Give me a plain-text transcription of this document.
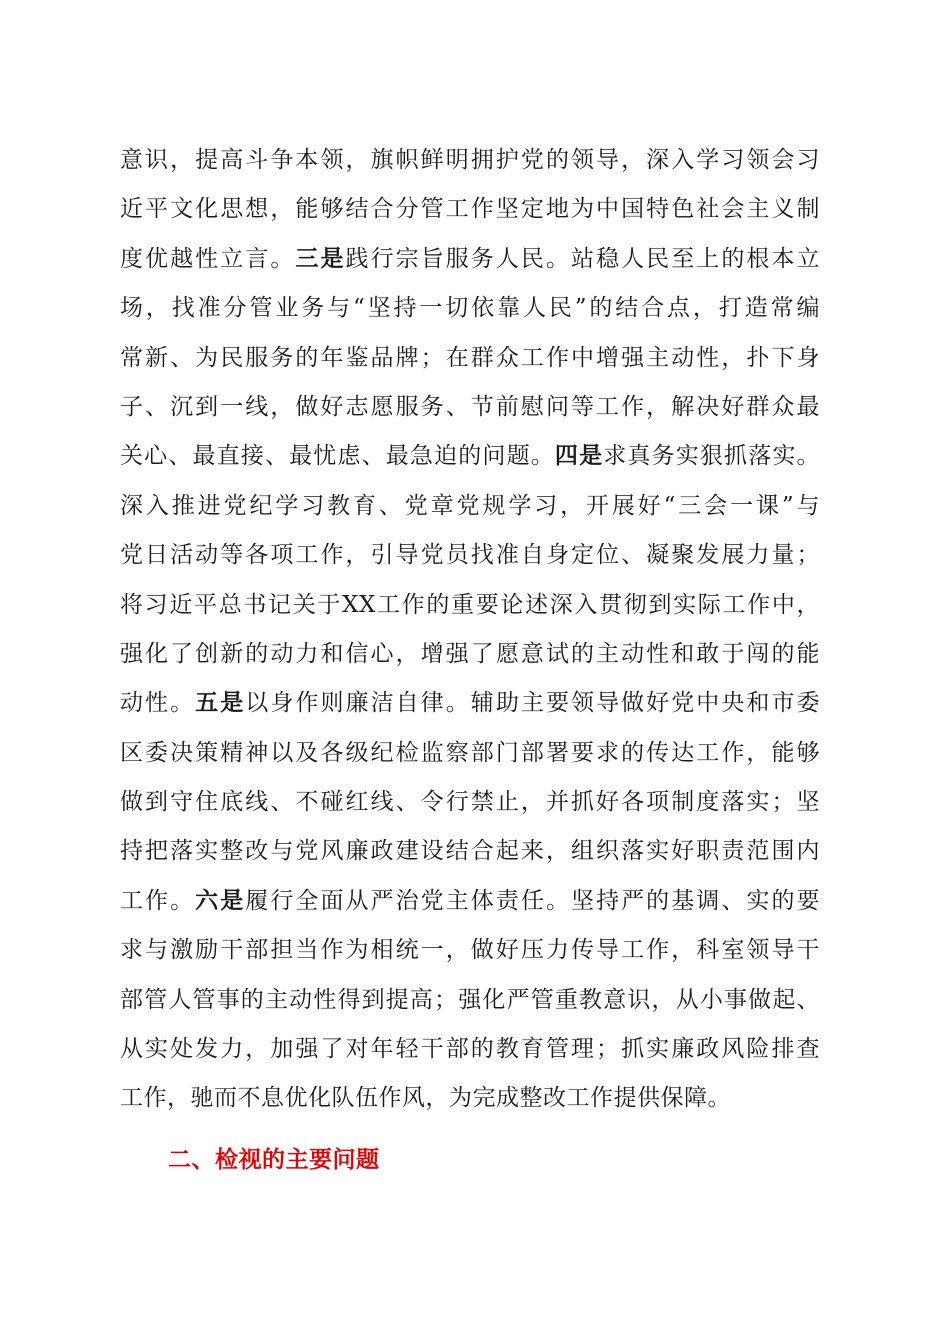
意识，提高斗争本领，旗帜鲜明拥护党的领导，深入学习领会习
近平文化思想，能够结合分管工作坚定地为中国特色社会主义制
度优越性立言。三是践行宗旨服务人民。站稳人民至上的根本立
场，找准分管业务与“坚持一切依靠人民”的结合点，打造常编
常新、为民服务的年鉴品牌；在群众工作中增强主动性，扑下身
子、沉到一线，做好志愿服务、节前慰问等工作，解决好群众最
关心、最直接、最忧虑、最急迫的问题。四是求真务实狠抓落实。
深入推进党纪学习教育、党章党规学习，开展好“三会一课”与
党日活动等各项工作，引导党员找准自身定位、凝聚发展力量；
将习近平总书记关于XX工作的重要论述深入贯彻到实际工作中，
强化了创新的动力和信心，增强了愿意试的主动性和敢于闯的能
动性。五是以身作则廉洁自律。辅助主要领导做好党中央和市委
区委决策精神以及各级纪检监察部门部署要求的传达工作，能够
做到守住底线、不碰红线、令行禁止，并抓好各项制度落实；坚
持把落实整改与党风廉政建设结合起来，组织落实好职责范围内
工作。六是履行全面从严治党主体责任。坚持严的基调、实的要
求与激励干部担当作为相统一，做好压力传导工作，科室领导干
部管人管事的主动性得到提高；强化严管重教意识，从小事做起、
从实处发力，加强了对年轻干部的教育管理；抓实廉政风险排查
工作，驰而不息优化队伍作风，为完成整改工作提供保障。
二、检视的主要问题
